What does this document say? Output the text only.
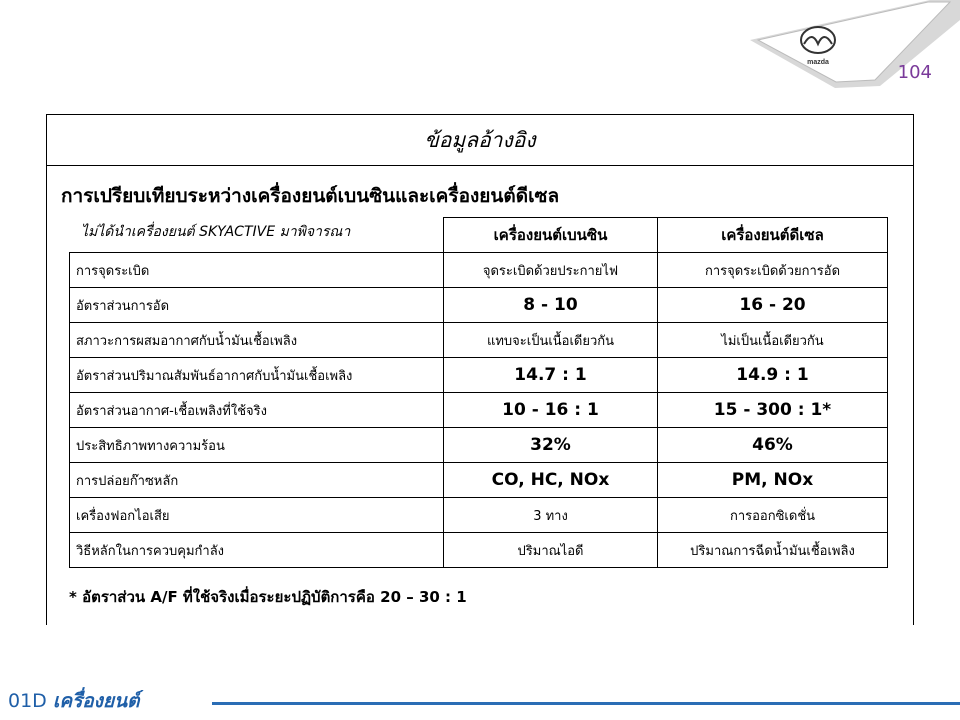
mazda	104
ข้อมูลอ้างอิง
การเปรียบเทียบระหว่างเครื่องยนต์เบนซินและเครื่องยนต์ดีเซล
	เครื่องยนต์เบนซิน	เครื่องยนต์ดีเซล
การจุดระเบิด	จุดระเบิดด้วยประกายไฟ	การจุดระเบิดด้วยการอัด
อัตราส่วนการอัด	8 - 10	16 - 20
สภาวะการผสมอากาศกับน้ำมันเชื้อเพลิง	แทบจะเป็นเนื้อเดียวกัน	ไม่เป็นเนื้อเดียวกัน
อัตราส่วนปริมาณสัมพันธ์อากาศกับน้ำมันเชื้อเพลิง	14.7 : 1	14.9 : 1
อัตราส่วนอากาศ-เชื้อเพลิงที่ใช้จริง	10 - 16 : 1	15 - 300 : 1*
ประสิทธิภาพทางความร้อน	32%	46%
การปล่อยก๊าซหลัก	CO, HC, NOx	PM, NOx
เครื่องฟอกไอเสีย	3 ทาง	การออกซิเดชั่น
วิธีหลักในการควบคุมกำลัง	ปริมาณไอดี	ปริมาณการฉีดน้ำมันเชื้อเพลิง
ไม่ได้นำเครื่องยนต์ SKYACTIVE มาพิจารณา
* อัตราส่วน A/F ที่ใช้จริงเมื่อระยะปฏิบัติการคือ 20 – 30 : 1
01D เครื่องยนต์
